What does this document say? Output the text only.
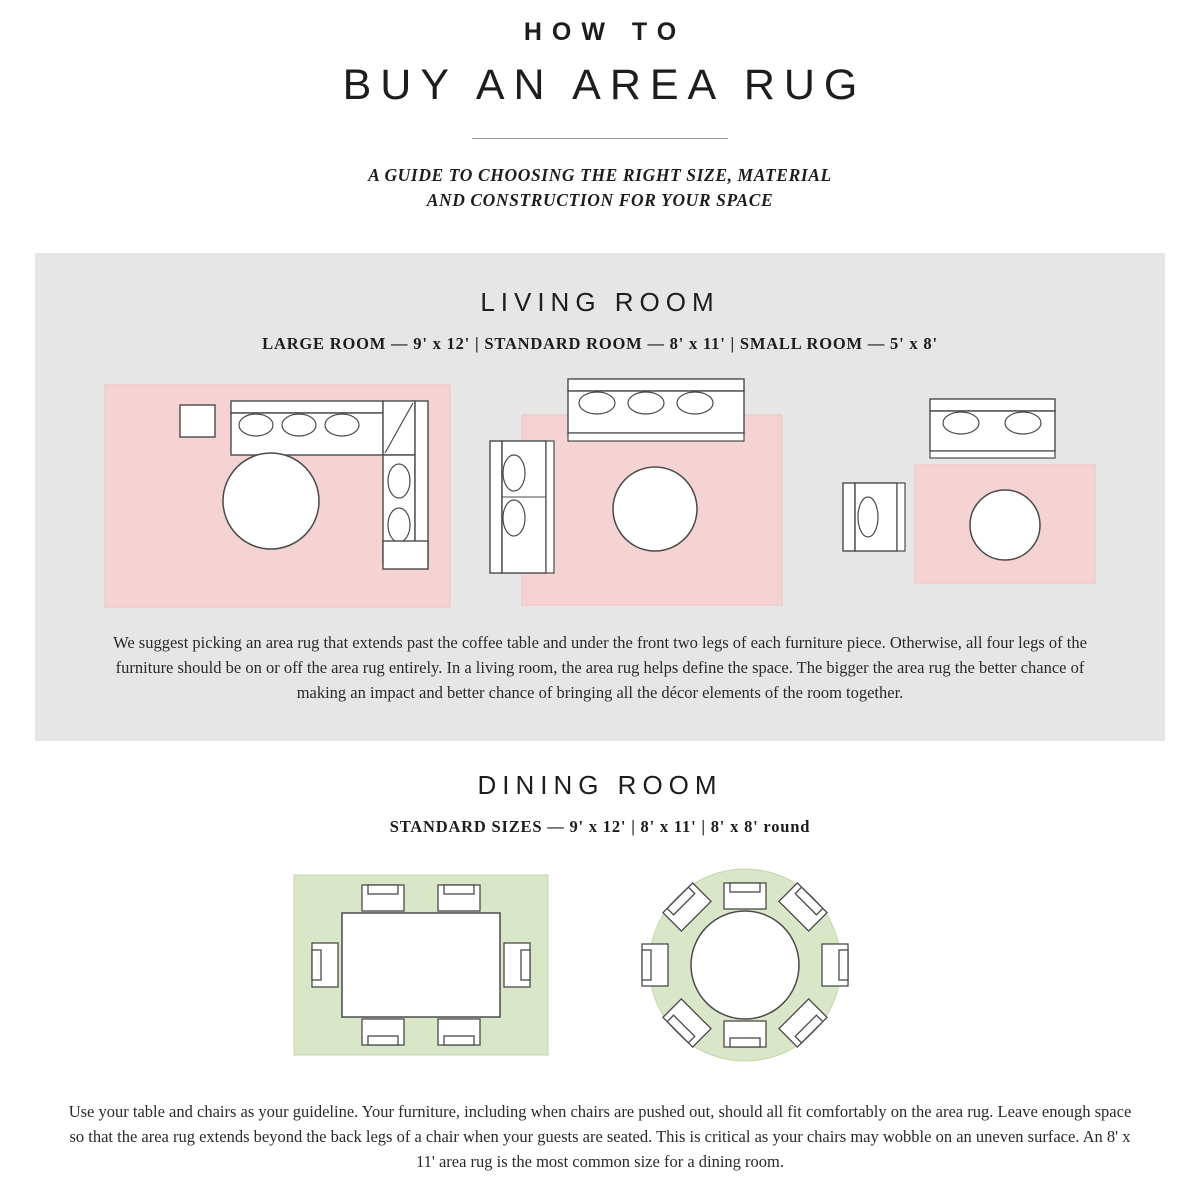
HOW TO
BUY AN AREA RUG
A GUIDE TO CHOOSING THE RIGHT SIZE, MATERIAL
AND CONSTRUCTION FOR YOUR SPACE
LIVING ROOM
LARGE ROOM — 9' x 12' | STANDARD ROOM — 8' x 11' | SMALL ROOM — 5' x 8'
We suggest picking an area rug that extends past the coffee table and under the front two legs of each furniture piece. Otherwise, all four legs of the furniture should be on or off the area rug entirely. In a living room, the area rug helps define the space. The bigger the area rug the better chance of making an impact and better chance of bringing all the décor elements of the room together.
DINING ROOM
STANDARD SIZES — 9' x 12' | 8' x 11' | 8' x 8' round
Use your table and chairs as your guideline. Your furniture, including when chairs are pushed out, should all fit comfortably on the area rug. Leave enough space so that the area rug extends beyond the back legs of a chair when your guests are seated. This is critical as your chairs may wobble on an uneven surface. An 8' x 11' area rug is the most common size for a dining room.
